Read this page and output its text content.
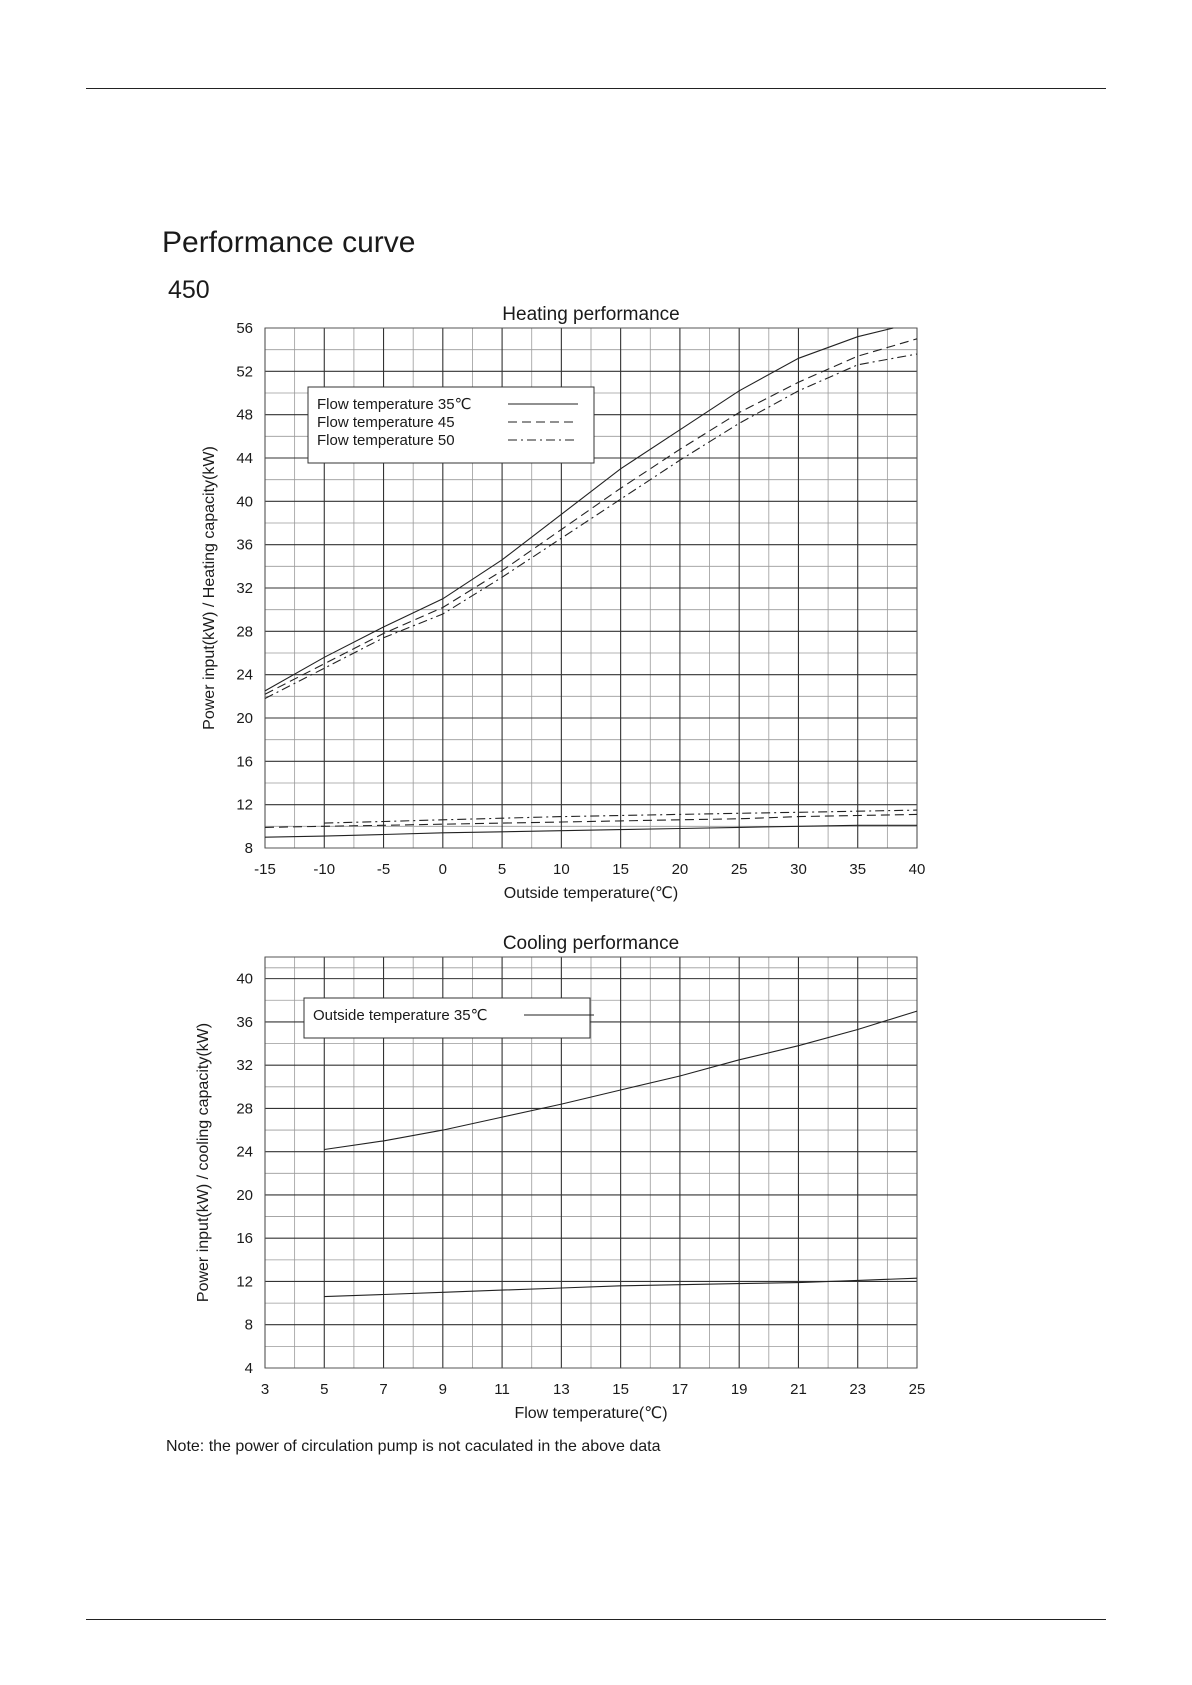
Performance curve
450
-15	-10	-5	0	5	10	15	20	25	30	35	40
8
12
16
20
24
28
32
36
40
44
48
52
56
Heating performance
Outside temperature(℃)
Power input(kW) / Heating capacity(kW)
Flow temperature 35℃
Flow temperature 45
Flow temperature 50
3	5	7	9	11	13	15	17	19	21	23	25
4
8
12
16
20
24
28
32
36
40
Cooling performance
Flow temperature(℃)
Power input(kW) / cooling capacity(kW)
Outside temperature 35℃
Note: the power of circulation pump is not caculated in the above data
